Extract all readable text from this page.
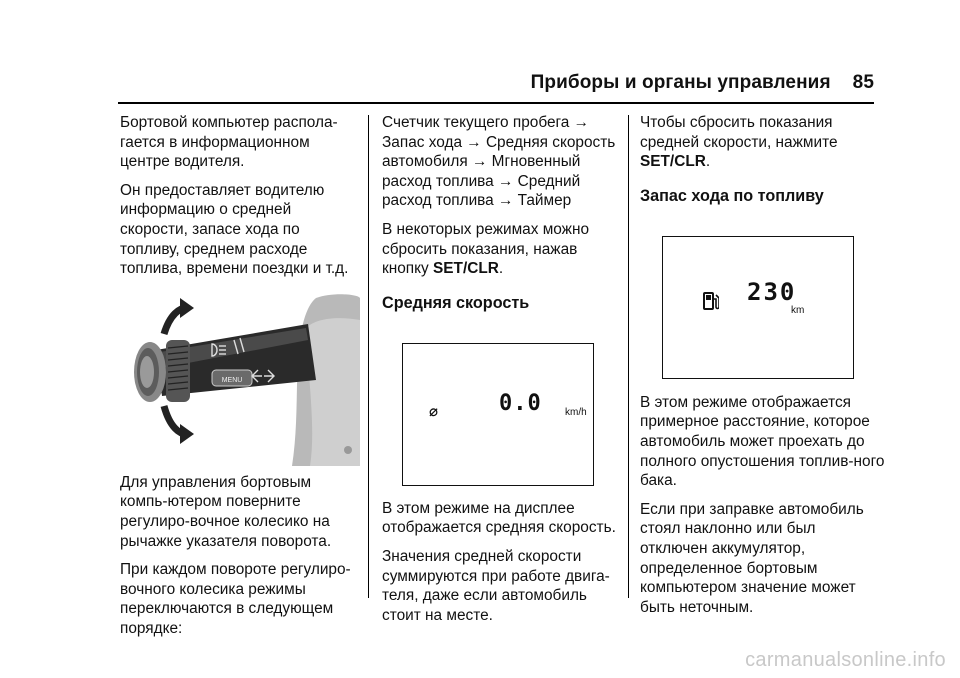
Приборы и органы управления 85

Бортовой компьютер распола-гается в информационном центре водителя.

Он предоставляет водителю информацию о средней скорости, запасе хода по топливу, среднем расходе топлива, времени поездки и т.д.

MENU

Для управления бортовым компь-ютером поверните регулиро-вочное колесико на рычажке указателя поворота.

При каждом повороте регулиро-вочного колесика режимы переключаются в следующем порядке:

Счетчик текущего пробега →
Запас хода → Средняя скорость
автомобиля → Мгновенный
расход топлива → Средний
расход топлива → Таймер

В некоторых режимах можно сбросить показания, нажав кнопку SET/CLR.

Средняя скорость
⌀	0.0 km/h

В этом режиме на дисплее отображается средняя скорость.

Значения средней скорости суммируются при работе двига-теля, даже если автомобиль стоит на месте.

Чтобы сбросить показания средней скорости, нажмите SET/CLR.

Запас хода по топливу
230
km

В этом режиме отображается примерное расстояние, которое автомобиль может проехать до полного опустошения топлив-ного бака.

Если при заправке автомобиль стоял наклонно или был отключен аккумулятор, определенное бортовым компьютером значение может быть неточным.

carmanualsonline.info
